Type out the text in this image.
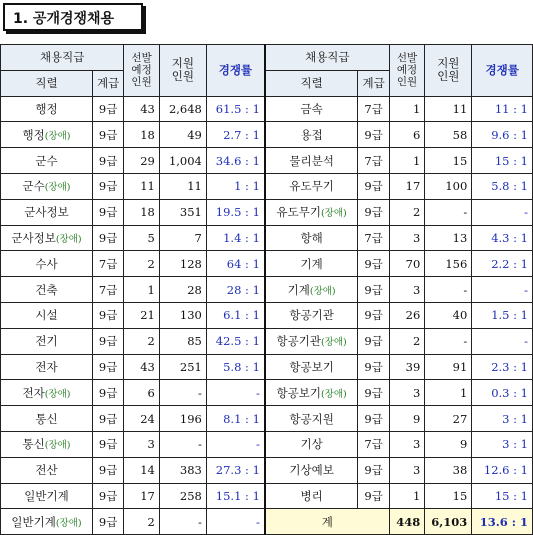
1. 공개경쟁채용
채용직급		선발
예정
인원	지원
인원	경쟁률	채용직급		선발
예정
인원	지원
인원	경쟁률
직렬	계급				직렬	계급			
행정	9급	43	2,648	61.5 : 1	금속	7급	1	11	11 : 1
행정(장애)	9급	18	49	2.7 : 1	용접	9급	6	58	9.6 : 1
군수	9급	29	1,004	34.6 : 1	물리분석	7급	1	15	15 : 1
군수(장애)	9급	11	11	1 : 1	유도무기	9급	17	100	5.8 : 1
군사정보	9급	18	351	19.5 : 1	유도무기(장애)	9급	2	-	-
군사정보(장애)	9급	5	7	1.4 : 1	항해	7급	3	13	4.3 : 1
수사	7급	2	128	64 : 1	기계	9급	70	156	2.2 : 1
건축	7급	1	28	28 : 1	기계(장애)	9급	3	-	-
시설	9급	21	130	6.1 : 1	항공기관	9급	26	40	1.5 : 1
전기	9급	2	85	42.5 : 1	항공기관(장애)	9급	2	-	-
전자	9급	43	251	5.8 : 1	항공보기	9급	39	91	2.3 : 1
전자(장애)	9급	6	-	-	항공보기(장애)	9급	3	1	0.3 : 1
통신	9급	24	196	8.1 : 1	항공지원	9급	9	27	3 : 1
통신(장애)	9급	3	-	-	기상	7급	3	9	3 : 1
전산	9급	14	383	27.3 : 1	기상예보	9급	3	38	12.6 : 1
일반기계	9급	17	258	15.1 : 1	병리	9급	1	15	15 : 1
일반기계(장애)	9급	2	-	-	계		448	6,103	13.6 : 1
